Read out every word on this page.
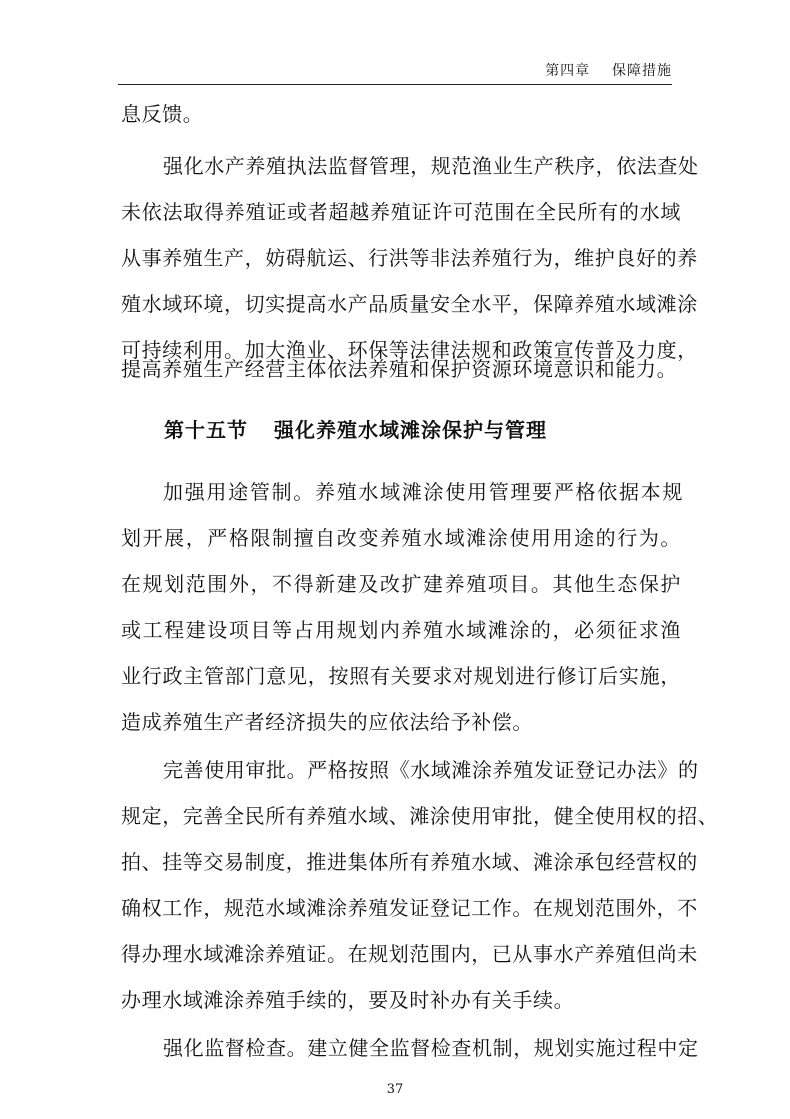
第四章 保障措施
息反馈。
强化水产养殖执法监督管理，规范渔业生产秩序，依法查处
未依法取得养殖证或者超越养殖证许可范围在全民所有的水域
从事养殖生产，妨碍航运、行洪等非法养殖行为，维护良好的养
殖水域环境，切实提高水产品质量安全水平，保障养殖水域滩涂
可持续利用。加大渔业、环保等法律法规和政策宣传普及力度，
提高养殖生产经营主体依法养殖和保护资源环境意识和能力。
第十五节 强化养殖水域滩涂保护与管理
加强用途管制。养殖水域滩涂使用管理要严格依据本规
划开展，严格限制擅自改变养殖水域滩涂使用用途的行为。
在规划范围外，不得新建及改扩建养殖项目。其他生态保护
或工程建设项目等占用规划内养殖水域滩涂的，必须征求渔
业行政主管部门意见，按照有关要求对规划进行修订后实施，
造成养殖生产者经济损失的应依法给予补偿。
完善使用审批。严格按照《水域滩涂养殖发证登记办法》的
规定，完善全民所有养殖水域、滩涂使用审批，健全使用权的招、
拍、挂等交易制度，推进集体所有养殖水域、滩涂承包经营权的
确权工作，规范水域滩涂养殖发证登记工作。在规划范围外，不
得办理水域滩涂养殖证。在规划范围内，已从事水产养殖但尚未
办理水域滩涂养殖手续的，要及时补办有关手续。
强化监督检查。建立健全监督检查机制，规划实施过程中定
37
